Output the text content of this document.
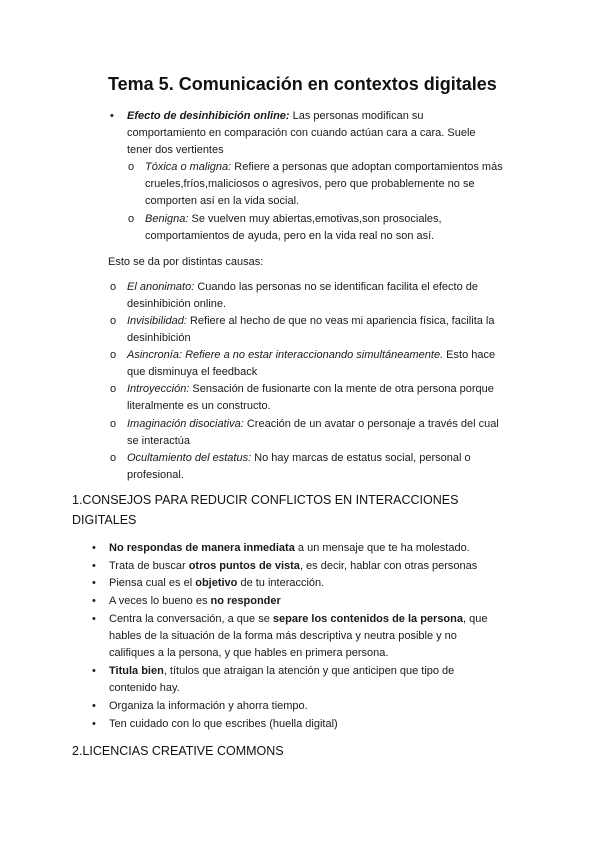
Tema 5. Comunicación en contextos digitales
•
Efecto de desinhibición online: Las personas modifican su
comportamiento en comparación con cuando actúan cara a cara. Suele
tener dos vertientes
o
Tóxica o maligna: Refiere a personas que adoptan comportamientos más
crueles,fríos,maliciosos o agresivos, pero que probablemente no se
comporten así en la vida social.
o
Benigna: Se vuelven muy abiertas,emotivas,son prosociales,
comportamientos de ayuda, pero en la vida real no son así.
Esto se da por distintas causas:
o
El anonimato: Cuando las personas no se identifican facilita el efecto de
desinhibición online.
o
Invisibilidad: Refiere al hecho de que no veas mi apariencia física, facilita la
desinhibición
o
Asincronía: Refiere a no estar interaccionando simultáneamente. Esto hace
que disminuya el feedback
o
Introyección: Sensación de fusionarte con la mente de otra persona porque
literalmente es un constructo.
o
Imaginación disociativa: Creación de un avatar o personaje a través del cual
se interactúa
o
Ocultamiento del estatus: No hay marcas de estatus social, personal o
profesional.
1.CONSEJOS PARA REDUCIR CONFLICTOS EN INTERACCIONES
DIGITALES
•
No respondas de manera inmediata a un mensaje que te ha molestado.
•
Trata de buscar otros puntos de vista, es decir, hablar con otras personas
•
Piensa cual es el objetivo de tu interacción.
•
A veces lo bueno es no responder
•
Centra la conversación, a que se separe los contenidos de la persona, que
hables de la situación de la forma más descriptiva y neutra posible y no
califiques a la persona, y que hables en primera persona.
•
Titula bien, títulos que atraigan la atención y que anticipen que tipo de
contenido hay.
•
Organiza la información y ahorra tiempo.
•
Ten cuidado con lo que escribes (huella digital)
2.LICENCIAS CREATIVE COMMONS
